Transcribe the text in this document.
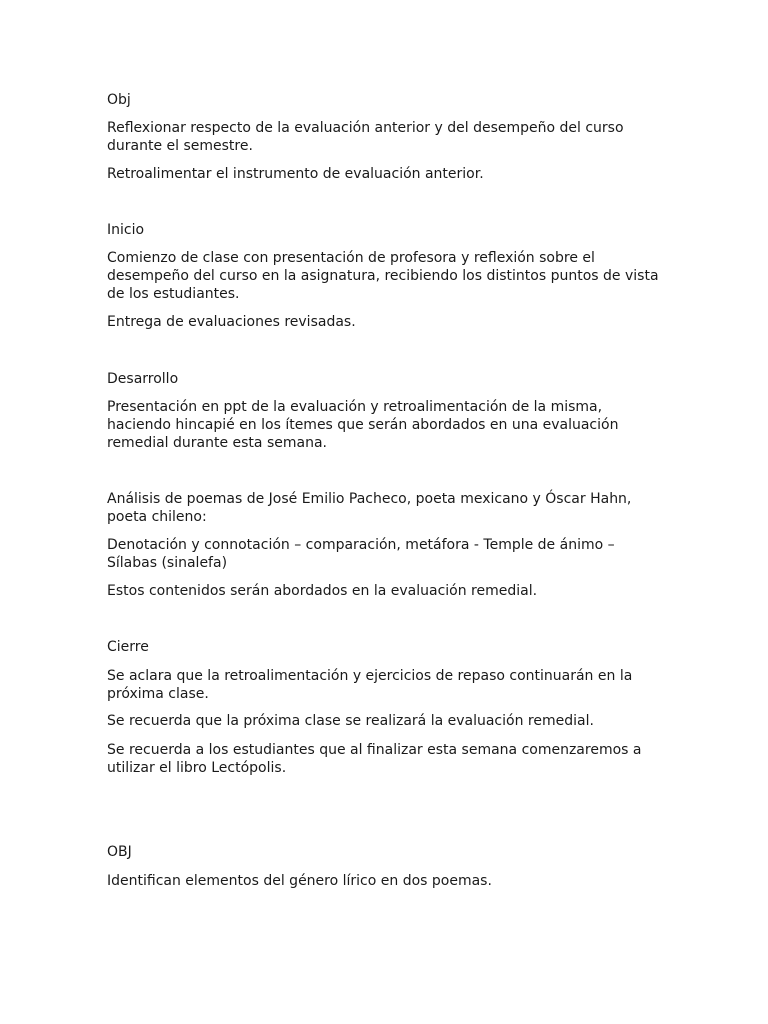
Obj

Reflexionar respecto de la evaluación anterior y del desempeño del curso durante el semestre.

Retroalimentar el instrumento de evaluación anterior.

Inicio

Comienzo de clase con presentación de profesora y reflexión sobre el desempeño del curso en la asignatura, recibiendo los distintos puntos de vista de los estudiantes.

Entrega de evaluaciones revisadas.

Desarrollo

Presentación en ppt de la evaluación y retroalimentación de la misma, haciendo hincapié en los ítemes que serán abordados en una evaluación remedial durante esta semana.

Análisis de poemas de José Emilio Pacheco, poeta mexicano y Óscar Hahn, poeta chileno:

Denotación y connotación – comparación, metáfora - Temple de ánimo – Sílabas (sinalefa)

Estos contenidos serán abordados en la evaluación remedial.

Cierre

Se aclara que la retroalimentación y ejercicios de repaso continuarán en la próxima clase.

Se recuerda que la próxima clase se realizará la evaluación remedial.

Se recuerda a los estudiantes que al finalizar esta semana comenzaremos a utilizar el libro Lectópolis.

OBJ

Identifican elementos del género lírico en dos poemas.
